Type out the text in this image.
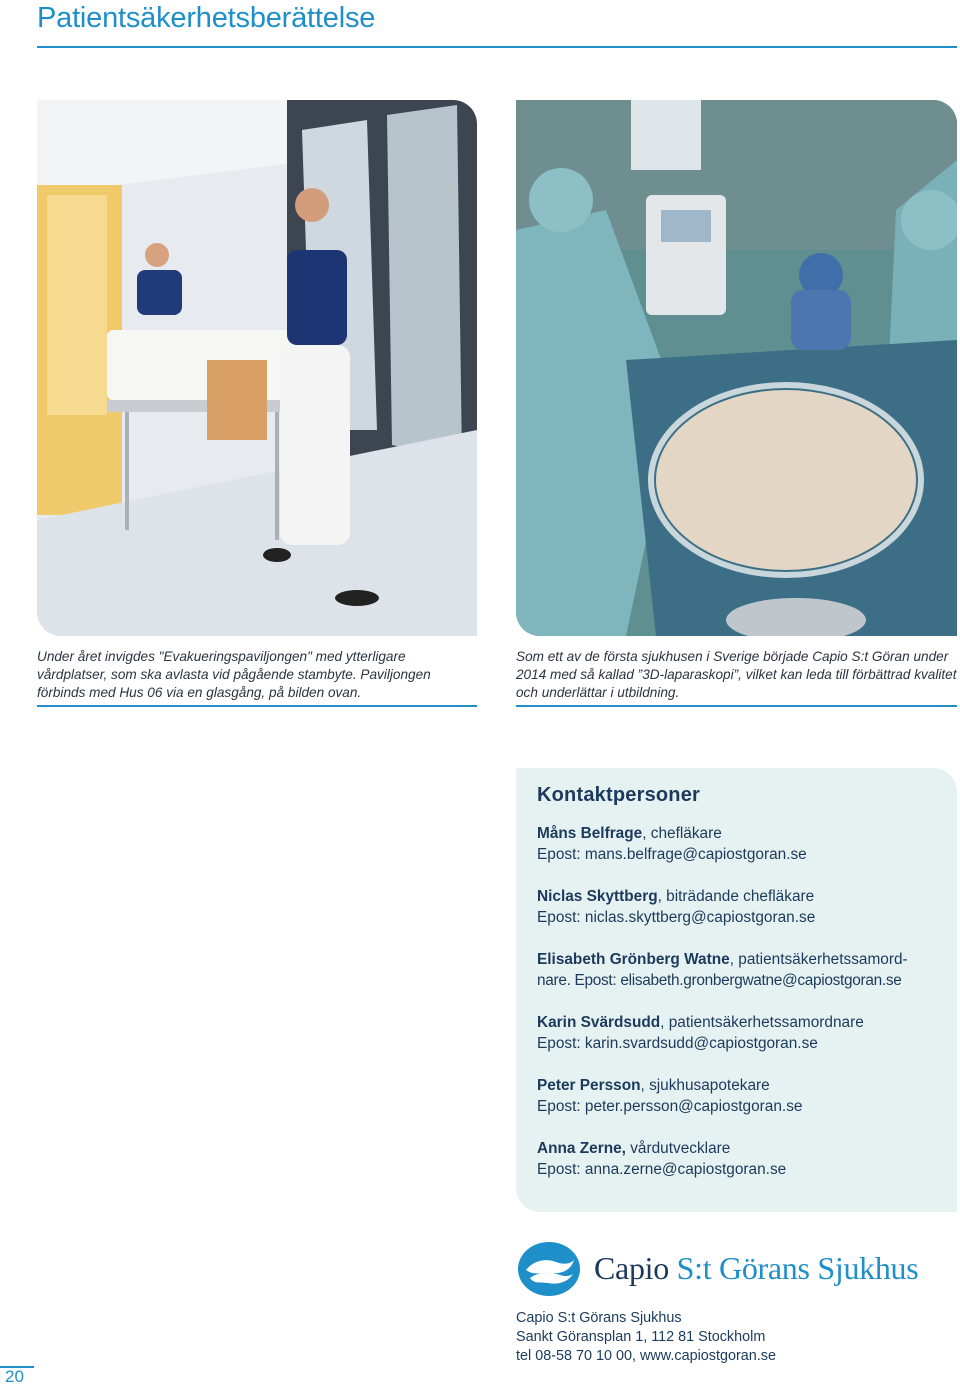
Patientsäkerhetsberättelse

Under året invigdes "Evakueringspaviljongen" med ytterligare vårdplatser, som ska avlasta vid pågående stambyte. Paviljongen förbinds med Hus 06 via en glasgång, på bilden ovan.

Som ett av de första sjukhusen i Sverige började Capio S:t Göran under 2014 med så kallad ”3D-laparaskopi”, vilket kan leda till förbättrad kvalitet och underlättar i utbildning.

Kontaktpersoner
Måns Belfrage, chefläkare
Epost: mans.belfrage@capiostgoran.se
Niclas Skyttberg, biträdande chefläkare
Epost: niclas.skyttberg@capiostgoran.se
Elisabeth Grönberg Watne, patientsäkerhetssamord-
nare. Epost: elisabeth.gronbergwatne@capiostgoran.se
Karin Svärdsudd, patientsäkerhetssamordnare
Epost: karin.svardsudd@capiostgoran.se
Peter Persson, sjukhusapotekare
Epost: peter.persson@capiostgoran.se
Anna Zerne, vårdutvecklare
Epost: anna.zerne@capiostgoran.se

Capio S:t Görans Sjukhus

Capio S:t Görans Sjukhus
Sankt Göransplan 1, 112 81 Stockholm
tel 08-58 70 10 00, www.capiostgoran.se
20
